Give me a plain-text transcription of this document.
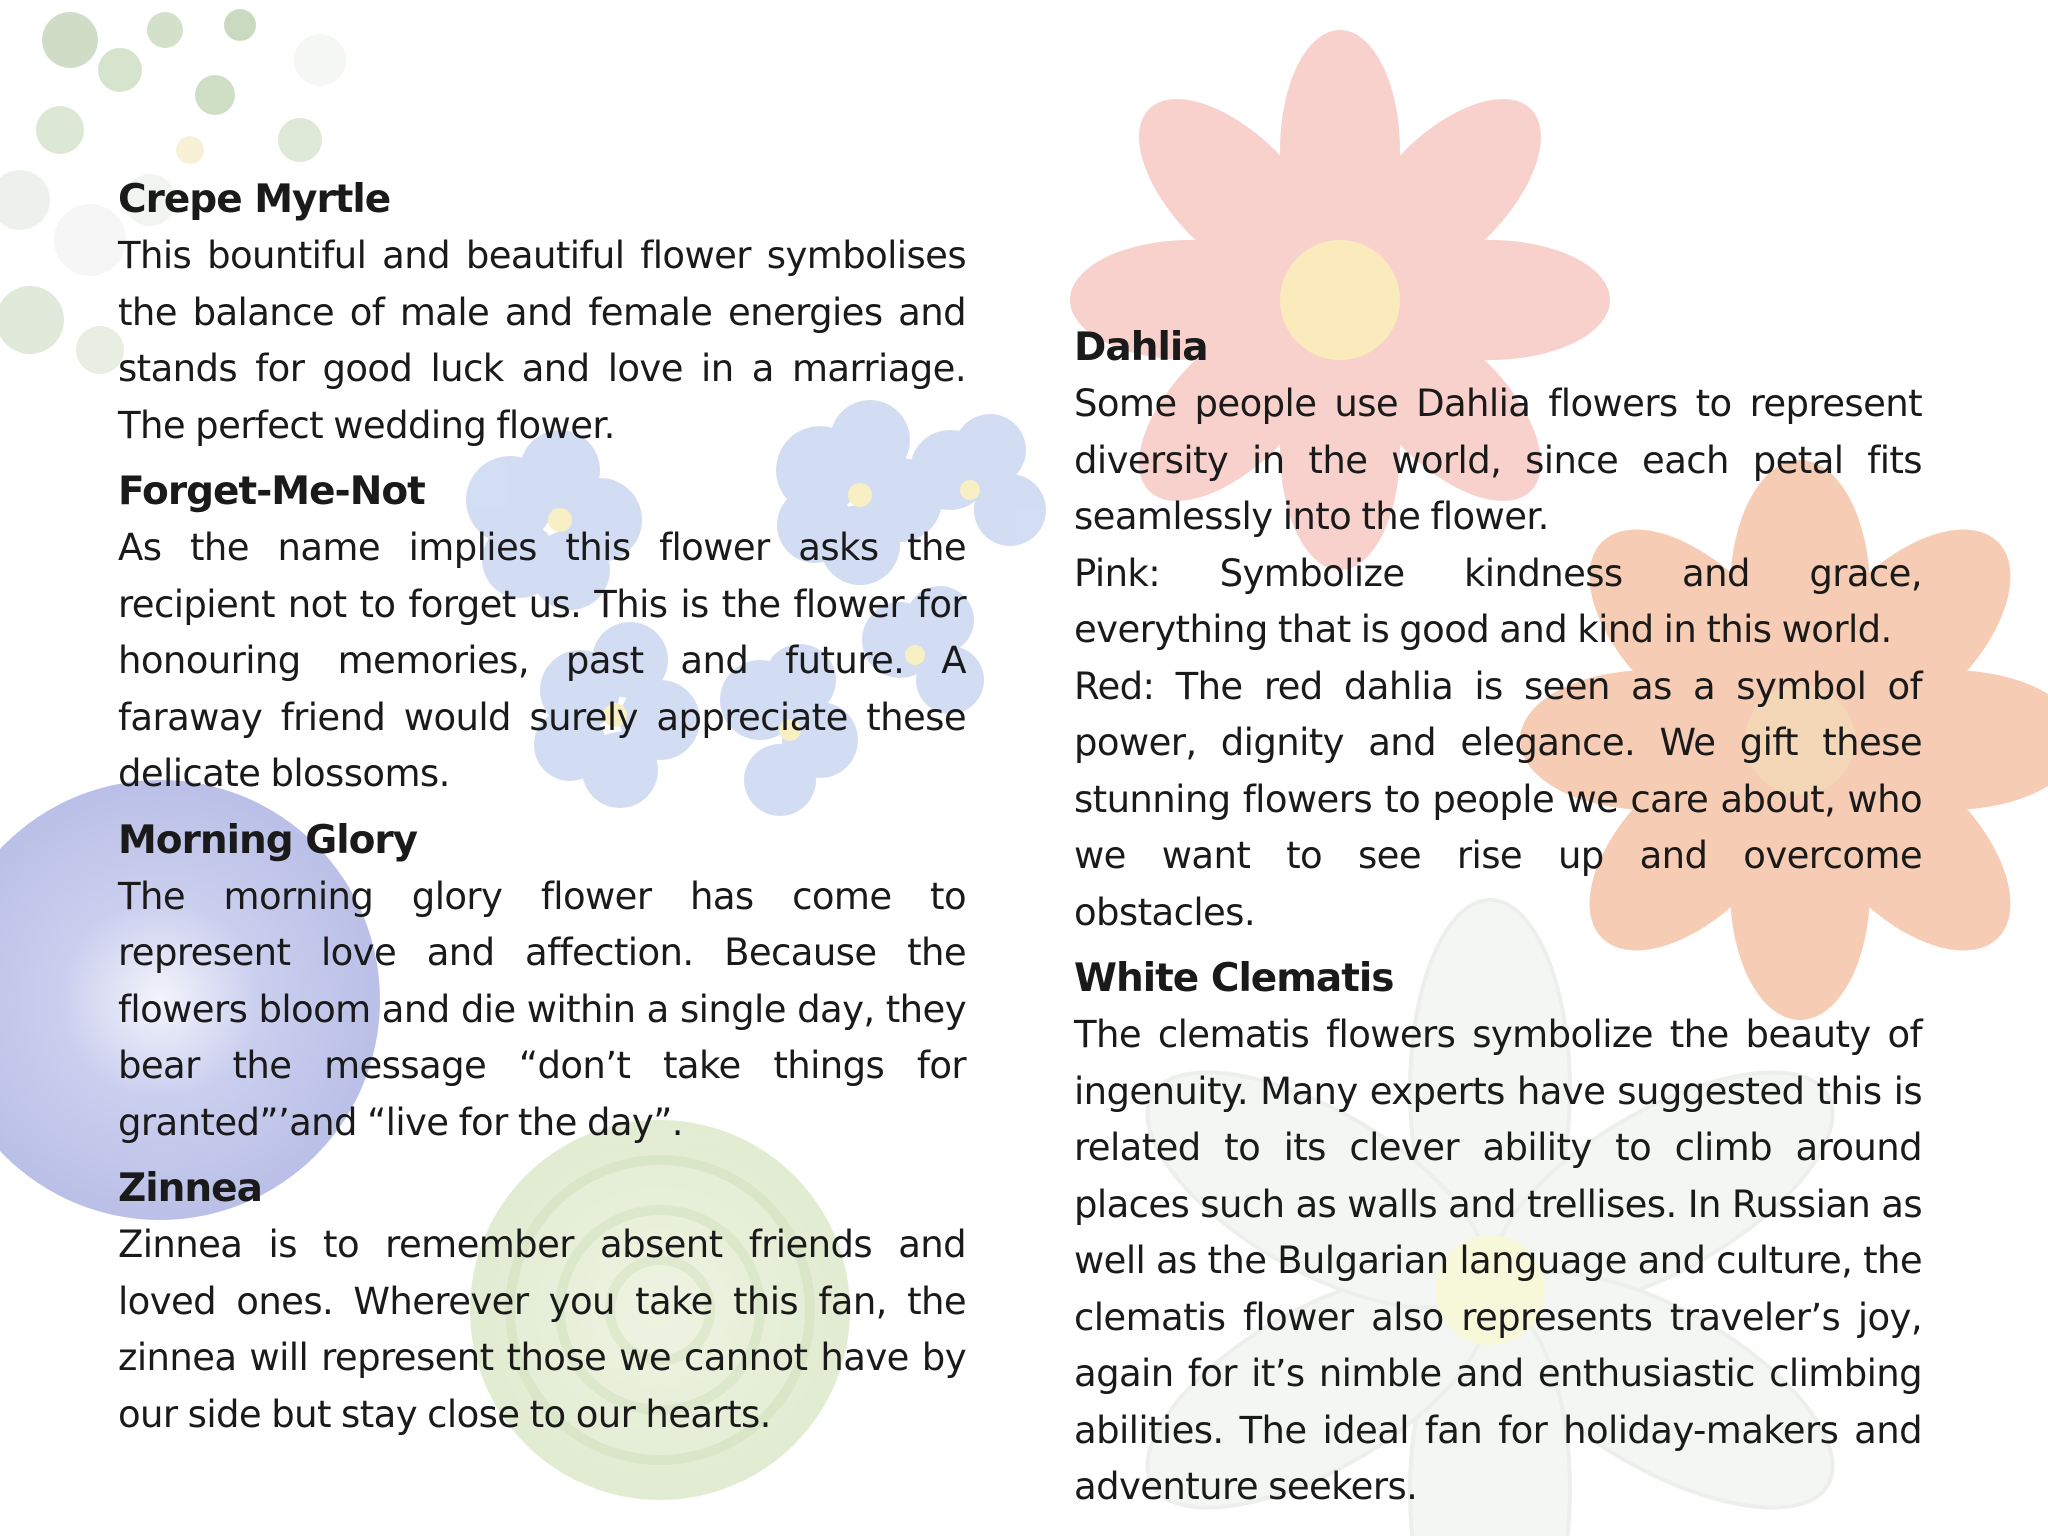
Crepe Myrtle

This bountiful and beautiful flower symbolises the balance of male and female energies and stands for good luck and love in a marriage. The perfect wedding flower.

Forget-Me-Not

As the name implies this flower asks the recipient not to forget us. This is the flower for honouring memories, past and future. A faraway friend would surely appreciate these delicate blossoms.

Morning Glory

The morning glory flower has come to represent love and affection. Because the flowers bloom and die within a single day, they bear the message “don’t take things for granted”’and “live for the day”.

Zinnea

Zinnea is to remember absent friends and loved ones. Wherever you take this fan, the zinnea will represent those we cannot have by our side but stay close to our hearts.

Dahlia

Some people use Dahlia flowers to represent diversity in the world, since each petal fits seamlessly into the flower.

Pink: Symbolize kindness and grace, everything that is good and kind in this world.

Red: The red dahlia is seen as a symbol of power, dignity and elegance. We gift these stunning flowers to people we care about, who we want to see rise up and overcome obstacles.

White Clematis

The clematis flowers symbolize the beauty of ingenuity. Many experts have suggested this is related to its clever ability to climb around places such as walls and trellises. In Russian as well as the Bulgarian language and culture, the clematis flower also represents traveler’s joy, again for it’s nimble and enthusiastic climbing abilities. The ideal fan for holiday-makers and adventure seekers.
